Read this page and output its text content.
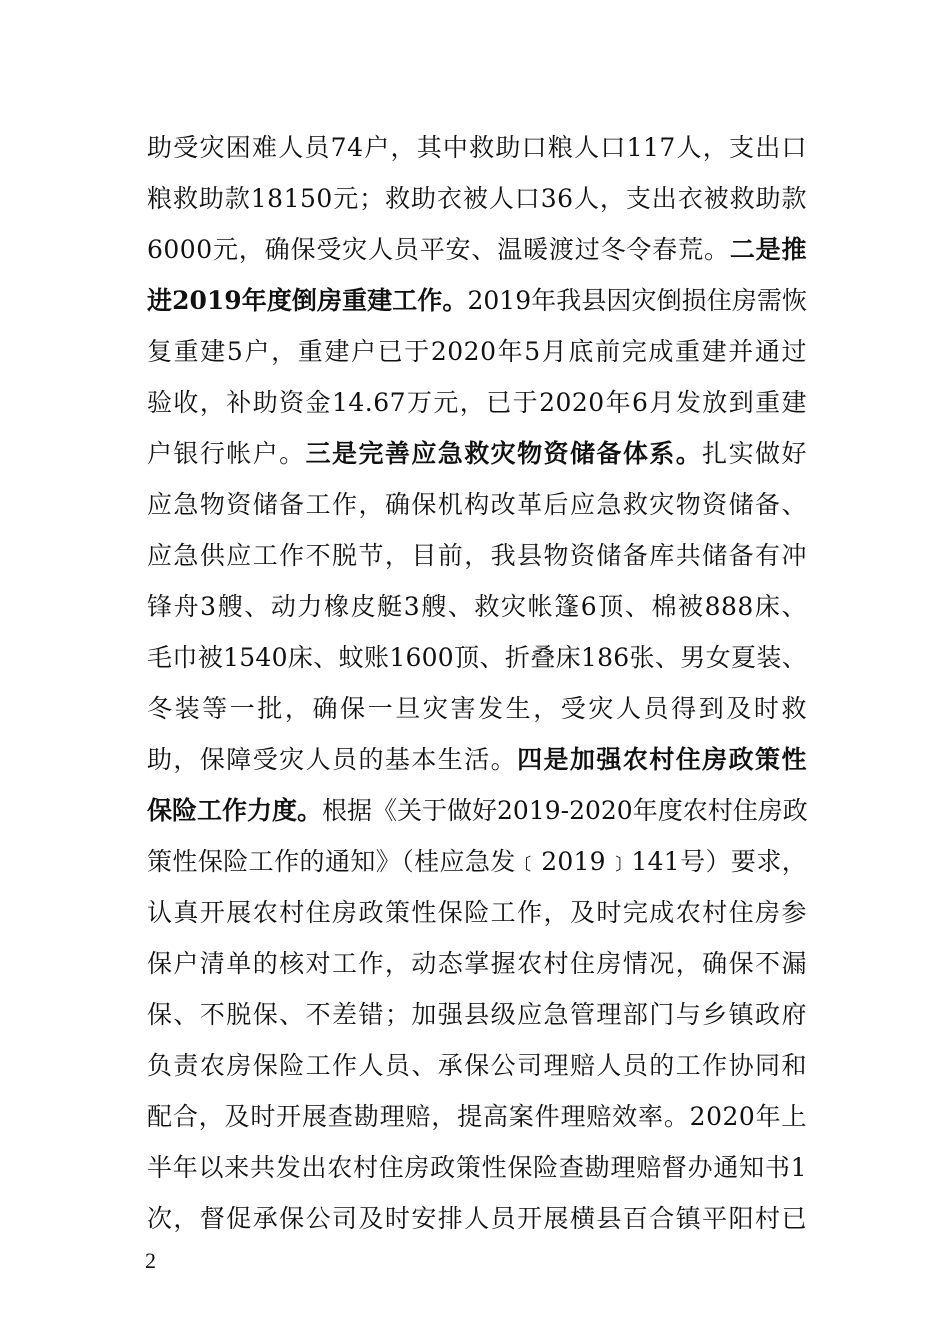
助受灾困难人员74户，其中救助口粮人口117人，支出口
粮救助款18150元；救助衣被人口36人，支出衣被救助款
6000元，确保受灾人员平安、温暖渡过冬令春荒。二是推
进2019年度倒房重建工作。2019年我县因灾倒损住房需恢
复重建5户，重建户已于2020年5月底前完成重建并通过
验收，补助资金14.67万元，已于2020年6月发放到重建
户银行帐户。三是完善应急救灾物资储备体系。扎实做好
应急物资储备工作，确保机构改革后应急救灾物资储备、
应急供应工作不脱节，目前，我县物资储备库共储备有冲
锋舟3艘、动力橡皮艇3艘、救灾帐篷6顶、棉被888床、
毛巾被1540床、蚊账1600顶、折叠床186张、男女夏装、
冬装等一批，确保一旦灾害发生，受灾人员得到及时救
助，保障受灾人员的基本生活。四是加强农村住房政策性
保险工作力度。根据《关于做好2019-2020年度农村住房政
策性保险工作的通知》（桂应急发﹝2019﹞141号）要求，
认真开展农村住房政策性保险工作，及时完成农村住房参
保户清单的核对工作，动态掌握农村住房情况，确保不漏
保、不脱保、不差错；加强县级应急管理部门与乡镇政府
负责农房保险工作人员、承保公司理赔人员的工作协同和
配合，及时开展查勘理赔，提高案件理赔效率。2020年上
半年以来共发出农村住房政策性保险查勘理赔督办通知书1
次，督促承保公司及时安排人员开展横县百合镇平阳村已
2
